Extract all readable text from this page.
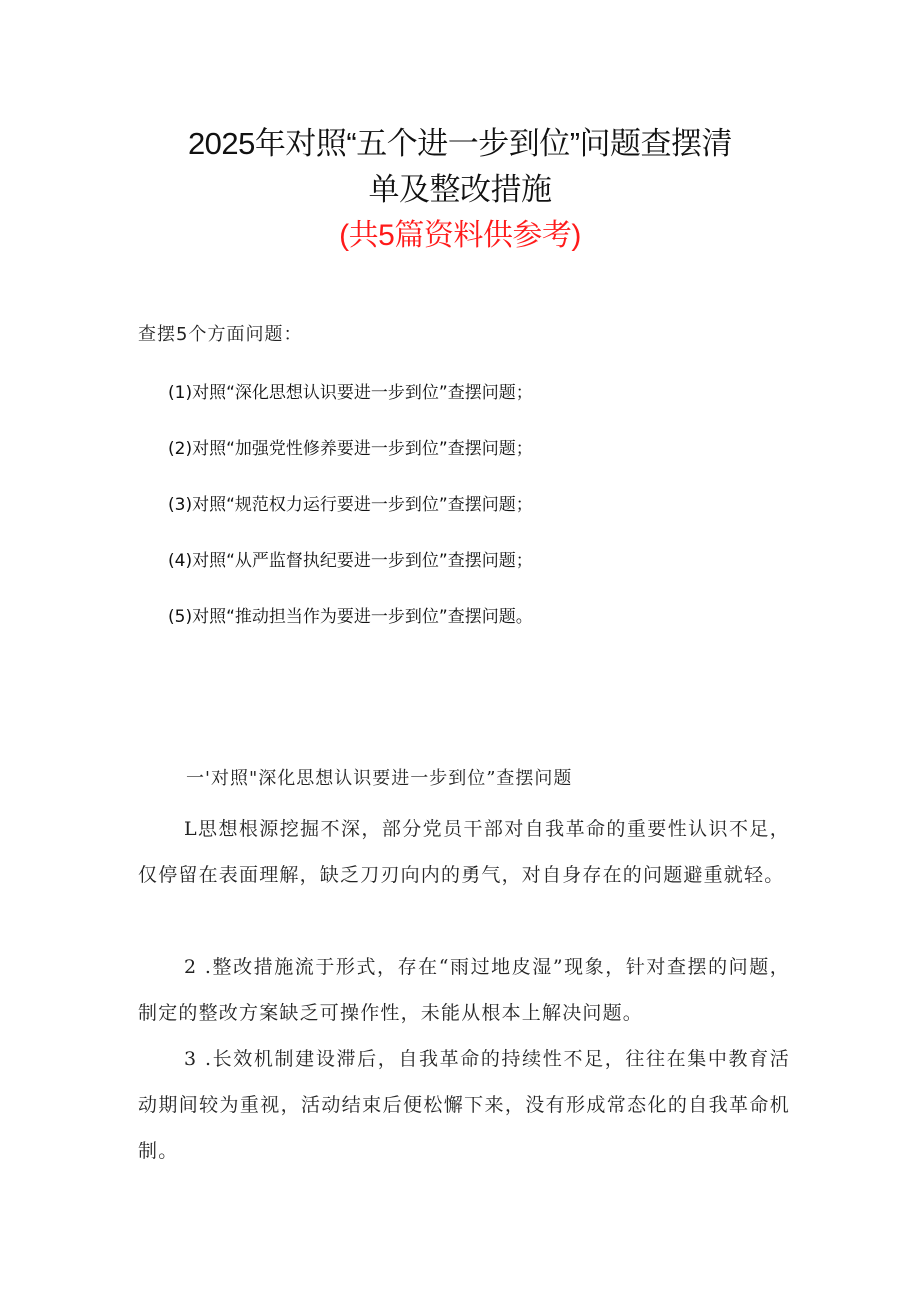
2025年对照“五个进一步到位”问题查摆清
单及整改措施
(共5篇资料供参考)
查摆5个方面问题：
(1)对照“深化思想认识要进一步到位”查摆问题；
(2)对照“加强党性修养要进一步到位”查摆问题；
(3)对照“规范权力运行要进一步到位”查摆问题；
(4)对照“从严监督执纪要进一步到位”查摆问题；
(5)对照“推动担当作为要进一步到位”查摆问题。
一'对照"深化思想认识要进一步到位”查摆问题

L思想根源挖掘不深，部分党员干部对自我革命的重要性认识不足，仅停留在表面理解，缺乏刀刃向内的勇气，对自身存在的问题避重就轻。

2 .整改措施流于形式，存在“雨过地皮湿”现象，针对查摆的问题，制定的整改方案缺乏可操作性，未能从根本上解决问题。

3 .长效机制建设滞后，自我革命的持续性不足，往往在集中教育活动期间较为重视，活动结束后便松懈下来，没有形成常态化的自我革命机制。
